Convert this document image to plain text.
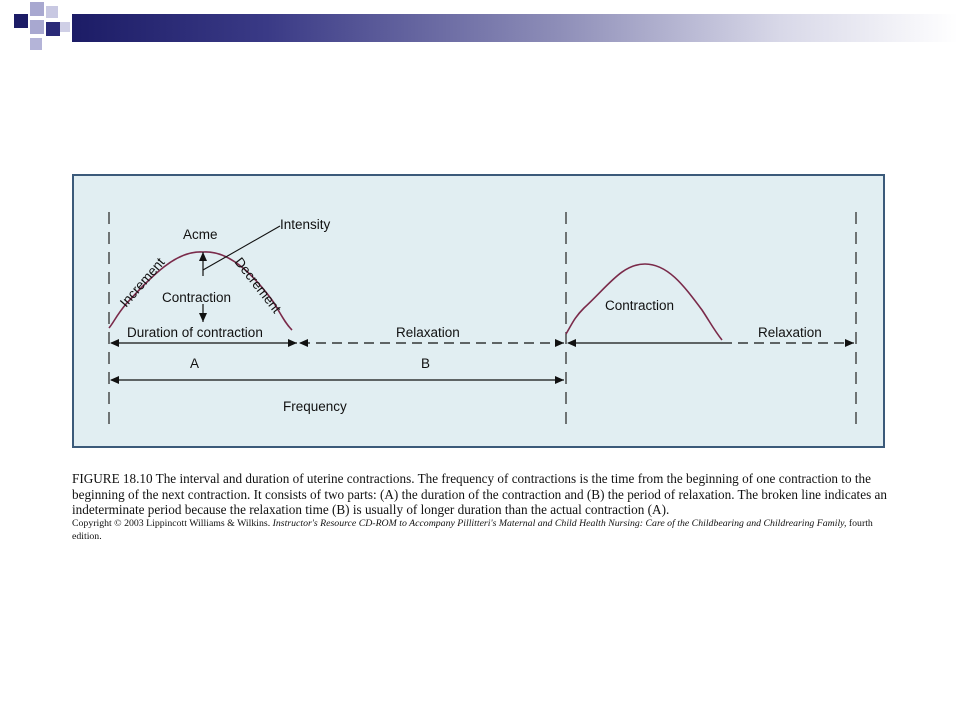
Intensity
Acme
Increment	Decrement
Contraction
Duration of contraction	Relaxation
A	B
Frequency
Contraction
Relaxation
FIGURE 18.10 The interval and duration of uterine contractions. The frequency of contractions is the time from the beginning of one contraction to the beginning of the next contraction. It consists of two parts: (A) the duration of the contraction and (B) the period of relaxation. The broken line indicates an indeterminate period because the relaxation time (B) is usually of longer duration than the actual contraction (A).
Copyright © 2003 Lippincott Williams & Wilkins. Instructor's Resource CD-ROM to Accompany Pillitteri's Maternal and Child Health Nursing: Care of the Childbearing and Childrearing Family, fourth edition.
